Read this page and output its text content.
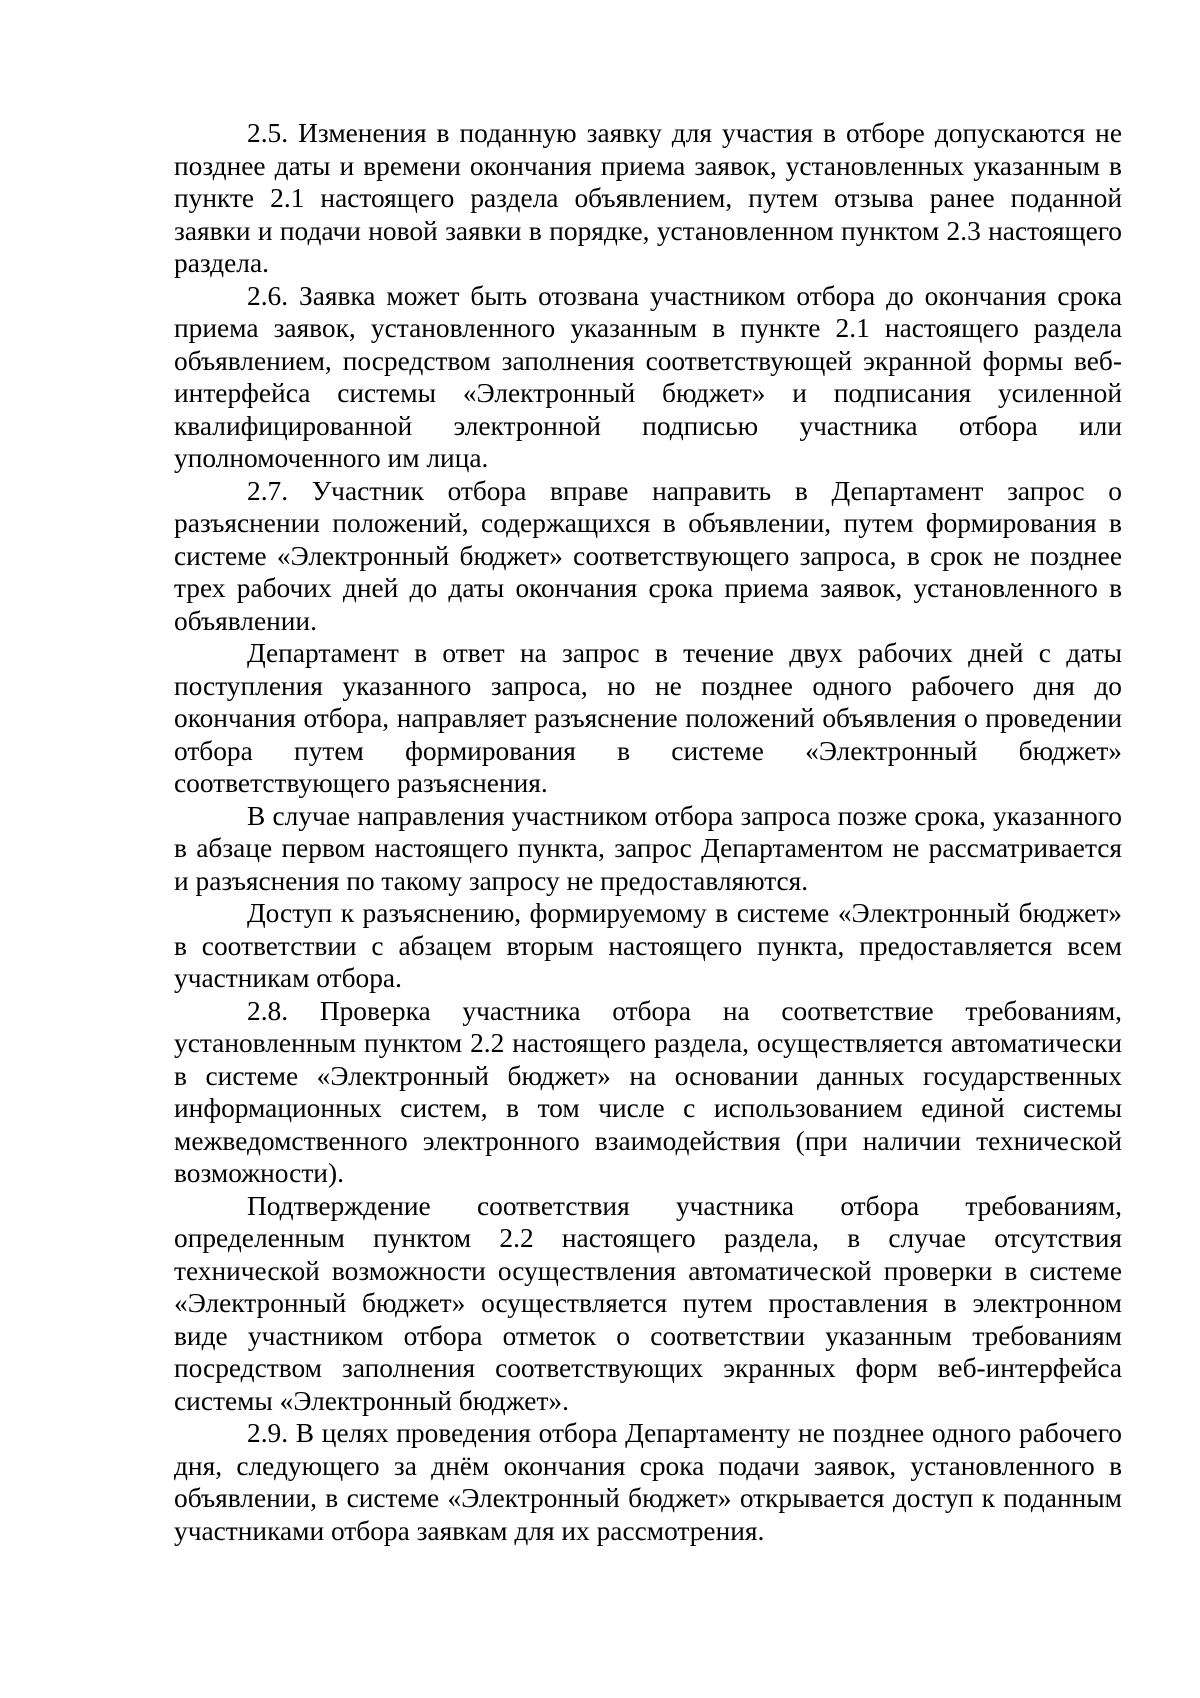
2.5. Изменения в поданную заявку для участия в отборе допускаются не позднее даты и времени окончания приема заявок, установленных указанным в пункте 2.1 настоящего раздела объявлением, путем отзыва ранее поданной заявки и подачи новой заявки в порядке, установленном пунктом 2.3 настоящего раздела.

2.6. Заявка может быть отозвана участником отбора до окончания срока приема заявок, установленного указанным в пункте 2.1 настоящего раздела объявлением, посредством заполнения соответствующей экранной формы веб-интерфейса системы «Электронный бюджет» и подписания усиленной квалифицированной электронной подписью участника отбора или уполномоченного им лица.

2.7. Участник отбора вправе направить в Департамент запрос о разъяснении положений, содержащихся в объявлении, путем формирования в системе «Электронный бюджет» соответствующего запроса, в срок не позднее трех рабочих дней до даты окончания срока приема заявок, установленного в объявлении.

Департамент в ответ на запрос в течение двух рабочих дней с даты поступления указанного запроса, но не позднее одного рабочего дня до окончания отбора, направляет разъяснение положений объявления о проведении отбора путем формирования в системе «Электронный бюджет» соответствующего разъяснения.

В случае направления участником отбора запроса позже срока, указанного в абзаце первом настоящего пункта, запрос Департаментом не рассматривается и разъяснения по такому запросу не предоставляются.

Доступ к разъяснению, формируемому в системе «Электронный бюджет» в соответствии с абзацем вторым настоящего пункта, предоставляется всем участникам отбора.

2.8. Проверка участника отбора на соответствие требованиям, установленным пунктом 2.2 настоящего раздела, осуществляется автоматически в системе «Электронный бюджет» на основании данных государственных информационных систем, в том числе с использованием единой системы межведомственного электронного взаимодействия (при наличии технической возможности).

Подтверждение соответствия участника отбора требованиям, определенным пунктом 2.2 настоящего раздела, в случае отсутствия технической возможности осуществления автоматической проверки в системе «Электронный бюджет» осуществляется путем проставления в электронном виде участником отбора отметок о соответствии указанным требованиям посредством заполнения соответствующих экранных форм веб-интерфейса системы «Электронный бюджет».

2.9. В целях проведения отбора Департаменту не позднее одного рабочего дня, следующего за днём окончания срока подачи заявок, установленного в объявлении, в системе «Электронный бюджет» открывается доступ к поданным участниками отбора заявкам для их рассмотрения.
